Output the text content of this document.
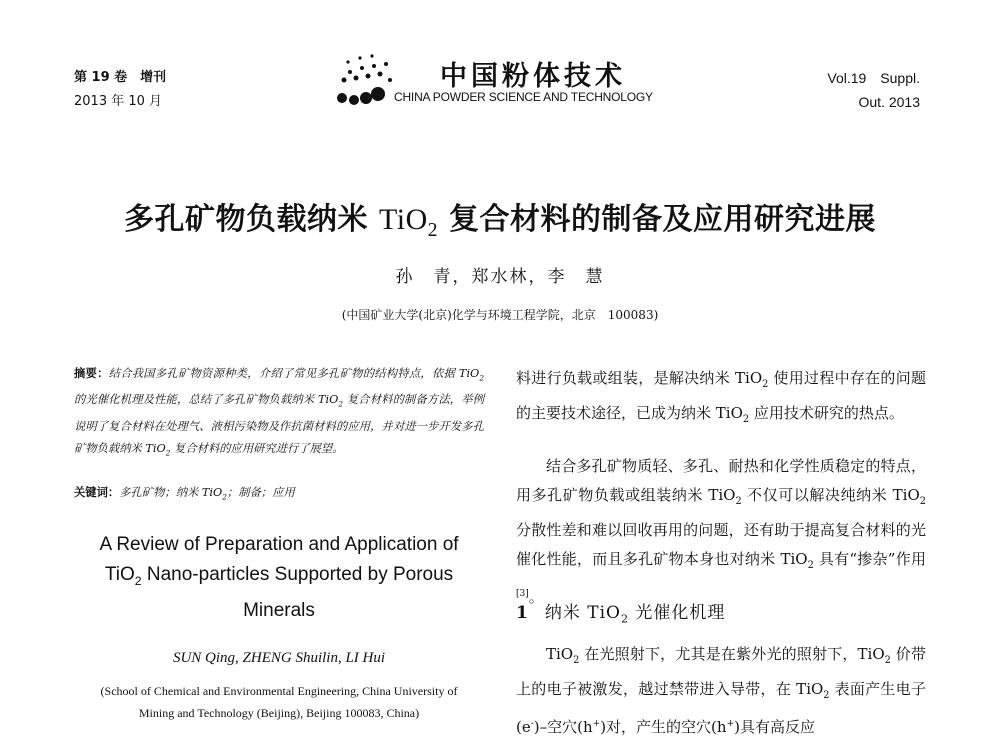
第 19 卷　增刊
2013 年 10 月
中国粉体技术
CHINA POWDER SCIENCE AND TECHNOLOGY
Vol.19　Suppl.
Out. 2013
多孔矿物负载纳米 TiO$_2$ 复合材料的制备及应用研究进展
孙　青，郑水林，李　慧
(中国矿业大学(北京)化学与环境工程学院，北京　100083)
摘要：结合我国多孔矿物资源种类，介绍了常见多孔矿物的结构特点，依据 TiO$_2$ 的光催化机理及性能，总结了多孔矿物负载纳米 TiO$_2$ 复合材料的制备方法，举例说明了复合材料在处理气、液相污染物及作抗菌材料的应用，并对进一步开发多孔矿物负载纳米 TiO$_2$ 复合材料的应用研究进行了展望。
关键词：多孔矿物；纳米 TiO$_2$；制备；应用
A Review of Preparation and Application of
TiO$_2$ Nano-particles Supported by Porous
Minerals
SUN Qing, ZHENG Shuilin, LI Hui
(School of Chemical and Environmental Engineering, China University of
Mining and Technology (Beijing), Beijing 100083, China)
料进行负载或组装，是解决纳米 TiO$_2$ 使用过程中存在的问题的主要技术途径，已成为纳米 TiO$_2$ 应用技术研究的热点。
结合多孔矿物质轻、多孔、耐热和化学性质稳定的特点，用多孔矿物负载或组装纳米 TiO$_2$ 不仅可以解决纯纳米 TiO$_2$ 分散性差和难以回收再用的问题，还有助于提高复合材料的光催化性能，而且多孔矿物本身也对纳米 TiO$_2$ 具有“掺杂”作用[3]。
1 纳米 TiO$_2$ 光催化机理
TiO$_2$ 在光照射下，尤其是在紫外光的照射下，TiO$_2$ 价带上的电子被激发，越过禁带进入导带，在 TiO$_2$ 表面产生电子(e-)–空穴(h+)对，产生的空穴(h+)具有高反应
